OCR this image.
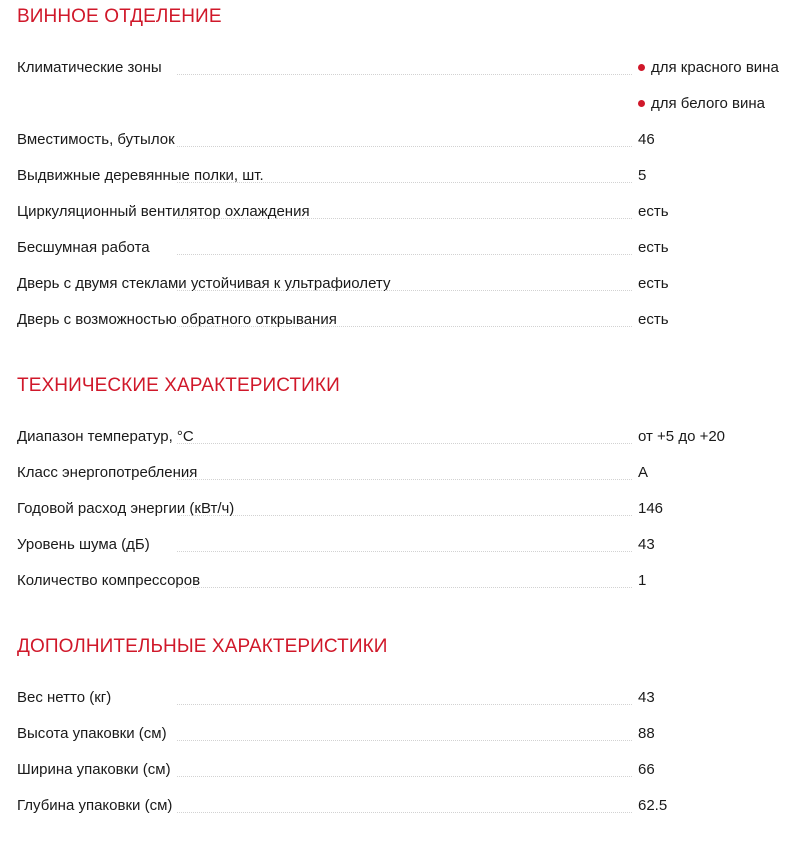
ВИННОЕ ОТДЕЛЕНИЕ
Климатические зоны	для красного вина
для белого вина
Вместимость, бутылок	46
Выдвижные деревянные полки, шт.	5
Циркуляционный вентилятор охлаждения	есть
Бесшумная работа	есть
Дверь с двумя стеклами устойчивая к ультрафиолету	есть
Дверь с возможностью обратного открывания	есть
ТЕХНИЧЕСКИЕ ХАРАКТЕРИСТИКИ
Диапазон температур, °С	от +5 до +20
Класс энергопотребления	A
Годовой расход энергии (кВт/ч)	146
Уровень шума (дБ)	43
Количество компрессоров	1
ДОПОЛНИТЕЛЬНЫЕ ХАРАКТЕРИСТИКИ
Вес нетто (кг)	43
Высота упаковки (см)	88
Ширина упаковки (см)	66
Глубина упаковки (см)	62.5
